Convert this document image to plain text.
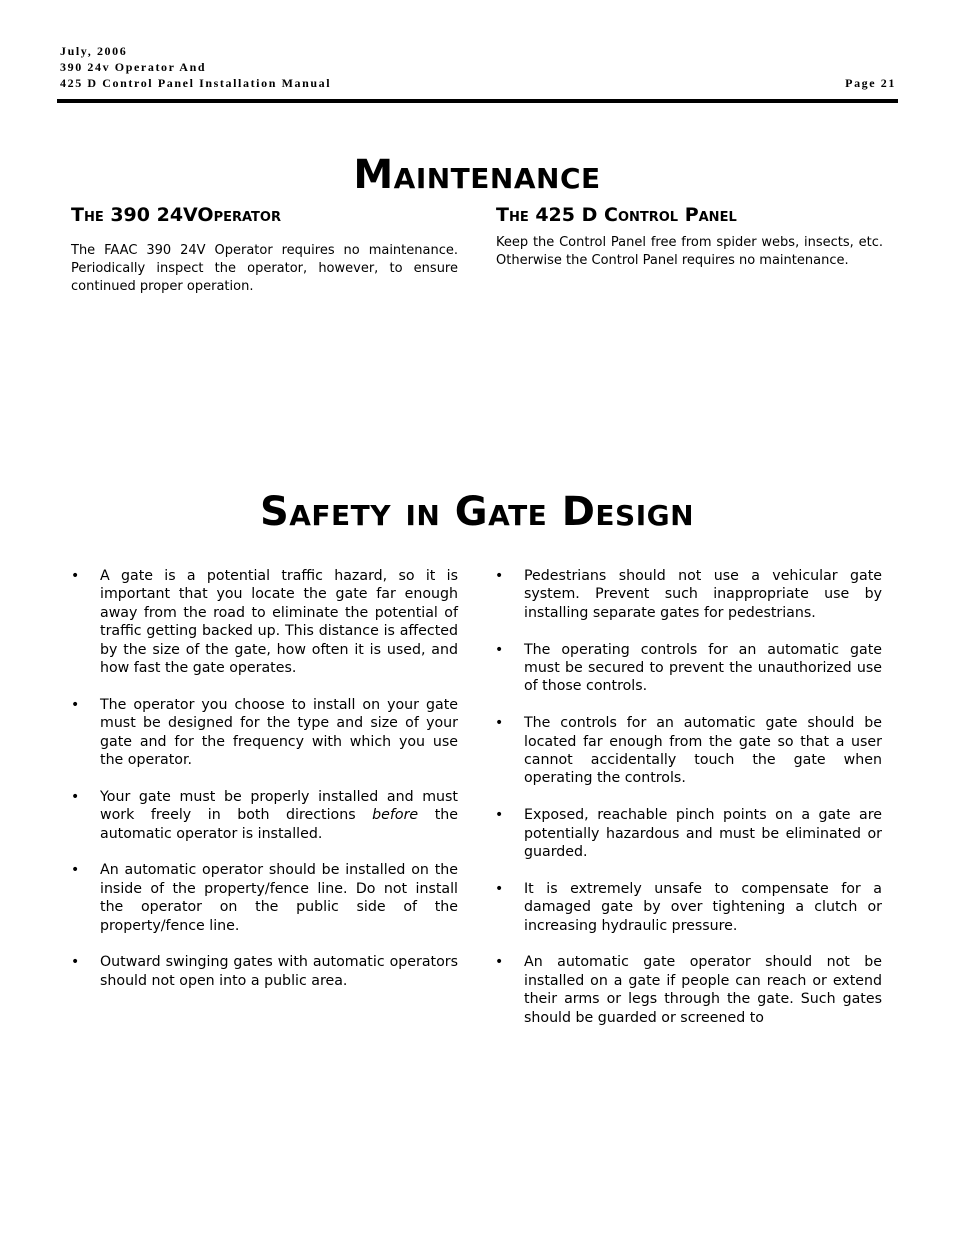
July, 2006
390 24v Operator And
425 D Control Panel Installation Manual	Page 21
Maintenance
The 390 24VOperator	The 425 D Control Panel
The FAAC 390 24V Operator requires no maintenance. Periodically inspect the operator, however, to ensure continued proper operation.
Keep the Control Panel free from spider webs, insects, etc. Otherwise the Control Panel requires no maintenance.
Safety in Gate Design
• A gate is a potential traffic hazard, so it is important that you locate the gate far enough away from the road to eliminate the potential of traffic getting backed up. This distance is affected by the size of the gate, how often it is used, and how fast the gate operates.
• The operator you choose to install on your gate must be designed for the type and size of your gate and for the frequency with which you use the operator.
• Your gate must be properly installed and must work freely in both directions before the automatic operator is installed.
• An automatic operator should be installed on the inside of the property/fence line. Do not install the operator on the public side of the property/fence line.
• Outward swinging gates with automatic operators should not open into a public area.
• Pedestrians should not use a vehicular gate system. Prevent such inappropriate use by installing separate gates for pedestrians.
• The operating controls for an automatic gate must be secured to prevent the unauthorized use of those controls.
• The controls for an automatic gate should be located far enough from the gate so that a user cannot accidentally touch the gate when operating the controls.
• Exposed, reachable pinch points on a gate are potentially hazardous and must be eliminated or guarded.
• It is extremely unsafe to compensate for a damaged gate by over tightening a clutch or increasing hydraulic pressure.
• An automatic gate operator should not be installed on a gate if people can reach or extend their arms or legs through the gate. Such gates should be guarded or screened to
